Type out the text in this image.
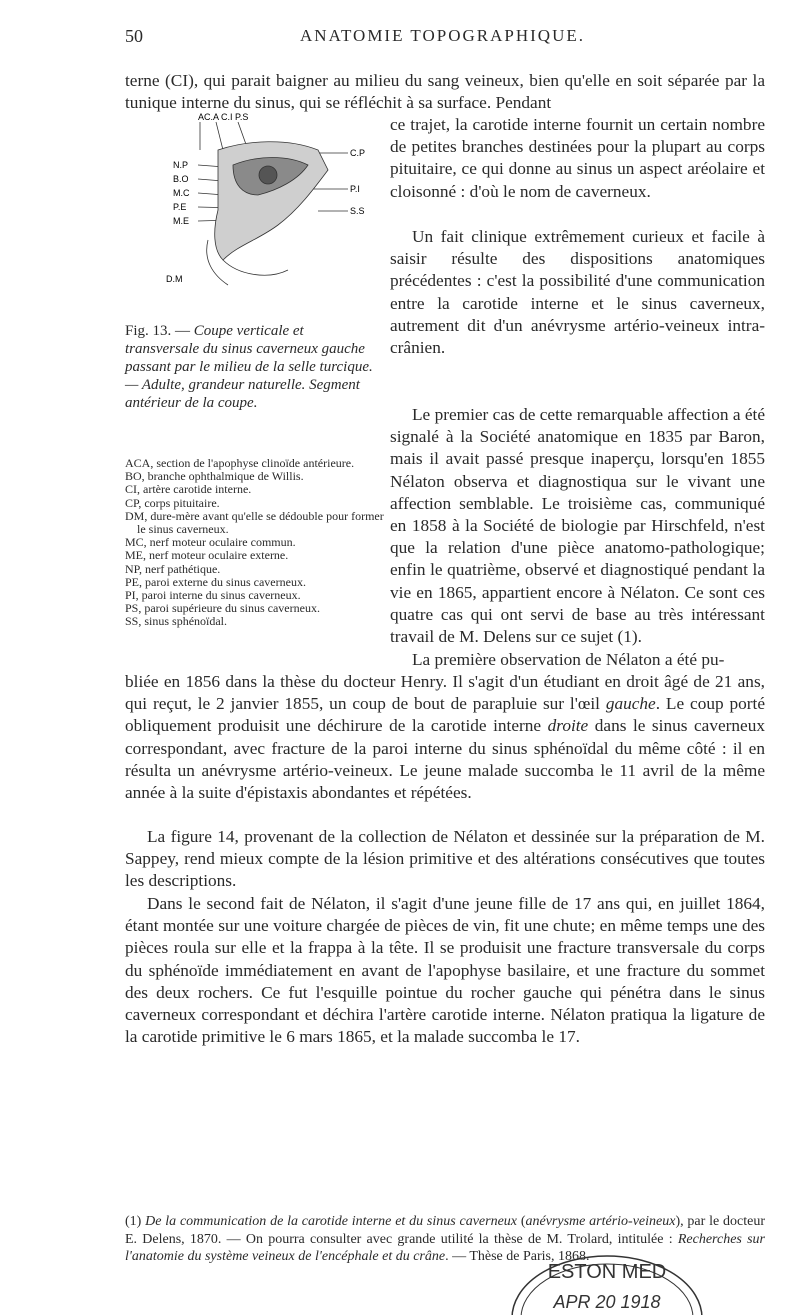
50	ANATOMIE TOPOGRAPHIQUE.

terne (CI), qui parait baigner au milieu du sang veineux, bien qu'elle en soit séparée par la tunique interne du sinus, qui se réfléchit à sa surface. Pendant

ce trajet, la carotide interne fournit un certain nombre de petites branches destinées pour la plupart au corps pituitaire, ce qui donne au sinus un aspect aréolaire et cloisonné : d'où le nom de caverneux.

Un fait clinique extrêmement curieux et facile à saisir résulte des dispositions anatomiques précédentes : c'est la possibilité d'une communication entre la carotide interne et le sinus caverneux, autrement dit d'un anévrysme artério-veineux intra-crânien.

Le premier cas de cette remarquable affection a été signalé à la Société anatomique en 1835 par Baron, mais il avait passé presque inaperçu, lorsqu'en 1855 Nélaton observa et diagnostiqua sur le vivant une affection semblable. Le troisième cas, communiqué en 1858 à la Société de biologie par Hirschfeld, n'est que la relation d'une pièce anatomo-pathologique; enfin le quatrième, observé et diagnostiqué pendant la vie en 1865, appartient encore à Nélaton. Ce sont ces quatre cas qui ont servi de base au très intéressant travail de M. Delens sur ce sujet (1).

La première observation de Nélaton a été pu-

bliée en 1856 dans la thèse du docteur Henry. Il s'agit d'un étudiant en droit âgé de 21 ans, qui reçut, le 2 janvier 1855, un coup de bout de parapluie sur l'œil gauche. Le coup porté obliquement produisit une déchirure de la carotide interne droite dans le sinus caverneux correspondant, avec fracture de la paroi interne du sinus sphénoïdal du même côté : il en résulta un anévrysme artério-veineux. Le jeune malade succomba le 11 avril de la même année à la suite d'épistaxis abondantes et répétées.

La figure 14, provenant de la collection de Nélaton et dessinée sur la préparation de M. Sappey, rend mieux compte de la lésion primitive et des altérations consécutives que toutes les descriptions.

Dans le second fait de Nélaton, il s'agit d'une jeune fille de 17 ans qui, en juillet 1864, étant montée sur une voiture chargée de pièces de vin, fit une chute; en même temps une des pièces roula sur elle et la frappa à la tête. Il se produisit une fracture transversale du corps du sphénoïde immédiatement en avant de l'apophyse basilaire, et une fracture du sommet des deux rochers. Ce fut l'esquille pointue du rocher gauche qui pénétra dans le sinus caverneux correspondant et déchira l'artère carotide interne. Nélaton pratiqua la ligature de la carotide primitive le 6 mars 1865, et la malade succomba le 17.

AC.A C.I P.S
N.P
B.O
M.C
P.E
M.E
C.P
P.I
S.S
D.M
Fig. 13. — Coupe verticale et transversale du sinus caverneux gauche passant par le milieu de la selle turcique. — Adulte, grandeur naturelle. Segment antérieur de la coupe.
ACA, section de l'apophyse clinoïde antérieure.
BO, branche ophthalmique de Willis.
CI, artère carotide interne.
CP, corps pituitaire.
DM, dure-mère avant qu'elle se dédouble pour former le sinus caverneux.
MC, nerf moteur oculaire commun.
ME, nerf moteur oculaire externe.
NP, nerf pathétique.
PE, paroi externe du sinus caverneux.
PI, paroi interne du sinus caverneux.
PS, paroi supérieure du sinus caverneux.
SS, sinus sphénoïdal.
(1) De la communication de la carotide interne et du sinus caverneux (anévrysme artério-veineux), par le docteur E. Delens, 1870. — On pourra consulter avec grande utilité la thèse de M. Trolard, intitulée : Recherches sur l'anatomie du système veineux de l'encéphale et du crâne. — Thèse de Paris, 1868.
ESTON MED
APR 20 1918
